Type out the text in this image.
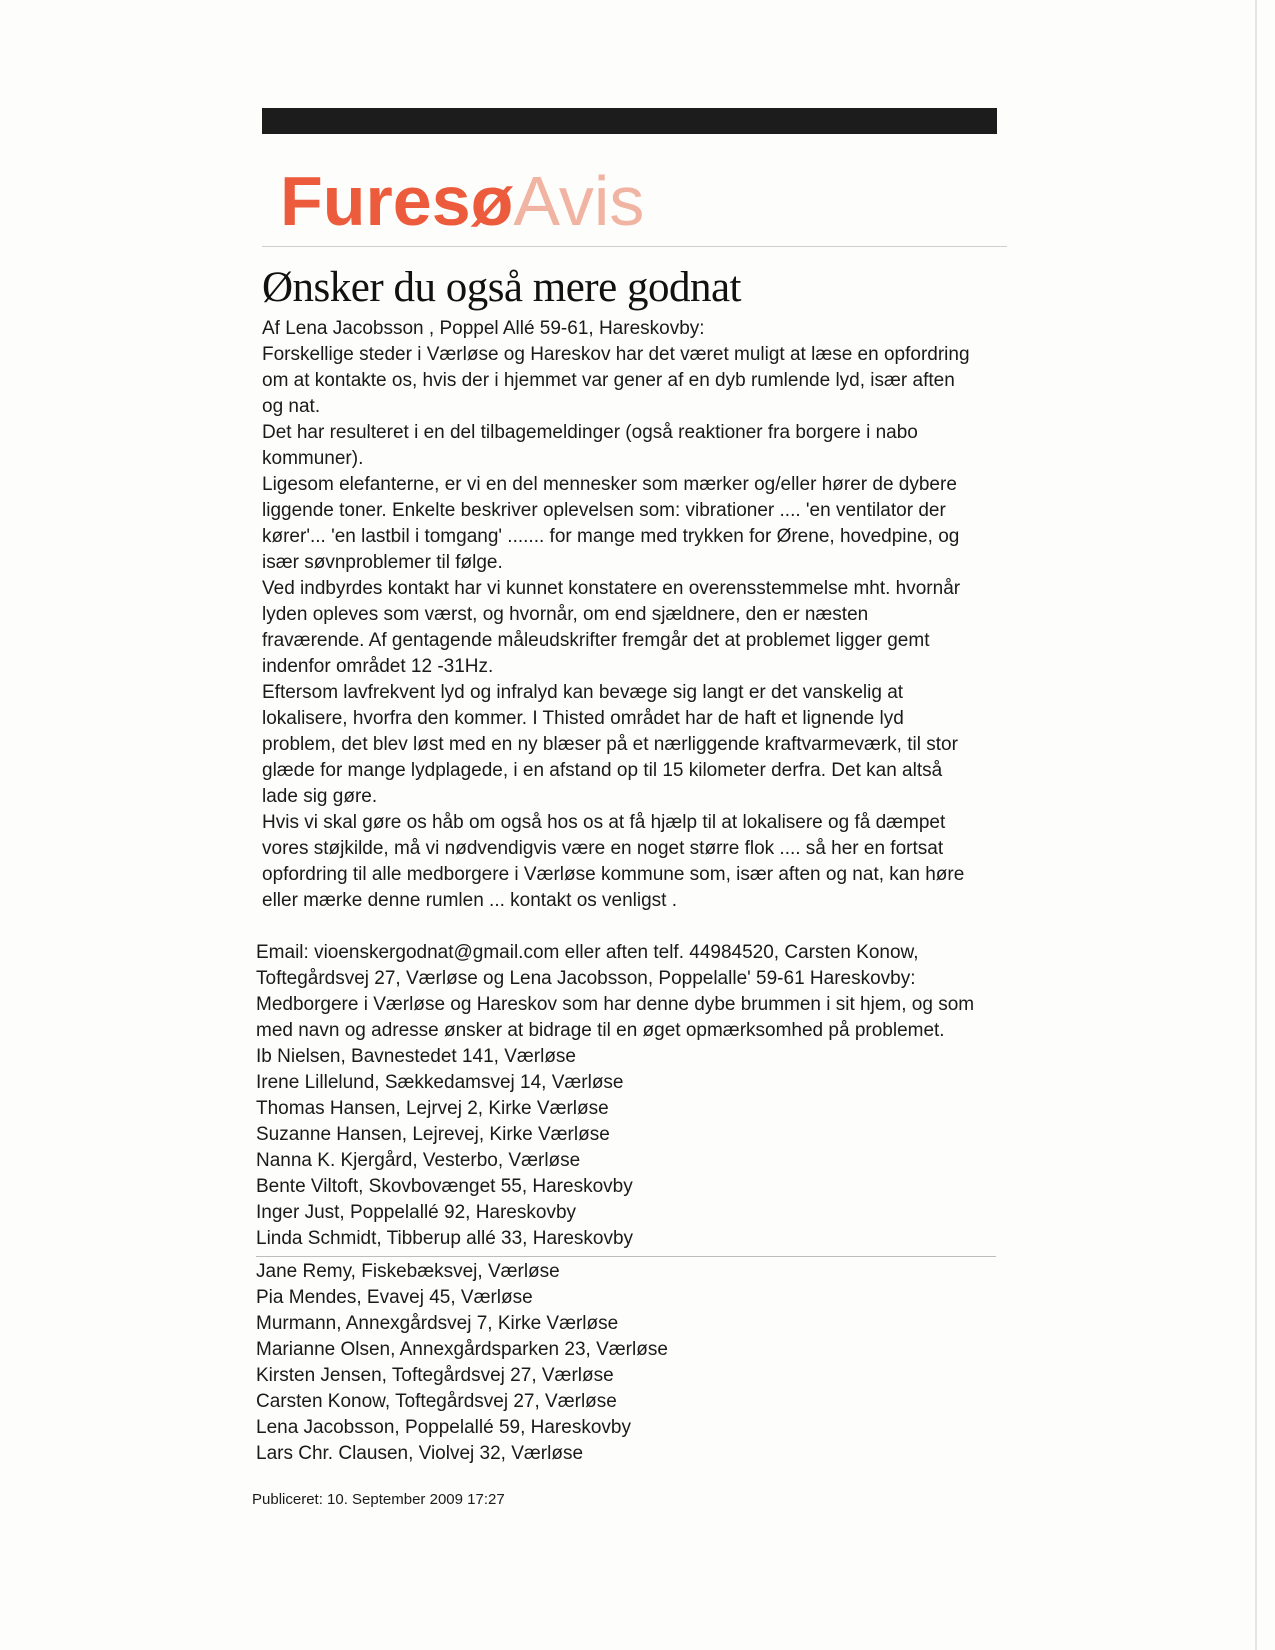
FuresøAvis
Ønsker du også mere godnat

Af Lena Jacobsson , Poppel Allé 59-61, Hareskovby:

Forskellige steder i Værløse og Hareskov har det været muligt at læse en opfordring om at kontakte os, hvis der i hjemmet var gener af en dyb rumlende lyd, især aften og nat.

Det har resulteret i en del tilbagemeldinger (også reaktioner fra borgere i nabo kommuner).

Ligesom elefanterne, er vi en del mennesker som mærker og/eller hører de dybere liggende toner. Enkelte beskriver oplevelsen som: vibrationer .... 'en ventilator der kører'... 'en lastbil i tomgang' ....... for mange med trykken for Ørene, hovedpine, og især søvnproblemer til følge.

Ved indbyrdes kontakt har vi kunnet konstatere en overensstemmelse mht. hvornår lyden opleves som værst, og hvornår, om end sjældnere, den er næsten fraværende. Af gentagende måleudskrifter fremgår det at problemet ligger gemt indenfor området 12 -31Hz.

Eftersom lavfrekvent lyd og infralyd kan bevæge sig langt er det vanskelig at lokalisere, hvorfra den kommer. I Thisted området har de haft et lignende lyd problem, det blev løst med en ny blæser på et nærliggende kraftvarmeværk, til stor glæde for mange lydplagede, i en afstand op til 15 kilometer derfra. Det kan altså lade sig gøre.

Hvis vi skal gøre os håb om også hos os at få hjælp til at lokalisere og få dæmpet vores støjkilde, må vi nødvendigvis være en noget større flok .... så her en fortsat opfordring til alle medborgere i Værløse kommune som, især aften og nat, kan høre eller mærke denne rumlen ... kontakt os venligst .

Email: vioenskergodnat@gmail.com eller aften telf. 44984520, Carsten Konow, Toftegårdsvej 27, Værløse og Lena Jacobsson, Poppelalle' 59-61 Hareskovby: Medborgere i Værløse og Hareskov som har denne dybe brummen i sit hjem, og som med navn og adresse ønsker at bidrage til en øget opmærksomhed på problemet.

Ib Nielsen, Bavnestedet 141, Værløse
Irene Lillelund, Sækkedamsvej 14, Værløse
Thomas Hansen, Lejrvej 2, Kirke Værløse
Suzanne Hansen, Lejrevej, Kirke Værløse
Nanna K. Kjergård, Vesterbo, Værløse
Bente Viltoft, Skovbovænget 55, Hareskovby
Inger Just, Poppelallé 92, Hareskovby
Linda Schmidt, Tibberup allé 33, Hareskovby
Jane Remy, Fiskebæksvej, Værløse
Pia Mendes, Evavej 45, Værløse
Murmann, Annexgårdsvej 7, Kirke Værløse
Marianne Olsen, Annexgårdsparken 23, Værløse
Kirsten Jensen, Toftegårdsvej 27, Værløse
Carsten Konow, Toftegårdsvej 27, Værløse
Lena Jacobsson, Poppelallé 59, Hareskovby
Lars Chr. Clausen, Violvej 32, Værløse
Publiceret: 10. September 2009 17:27
